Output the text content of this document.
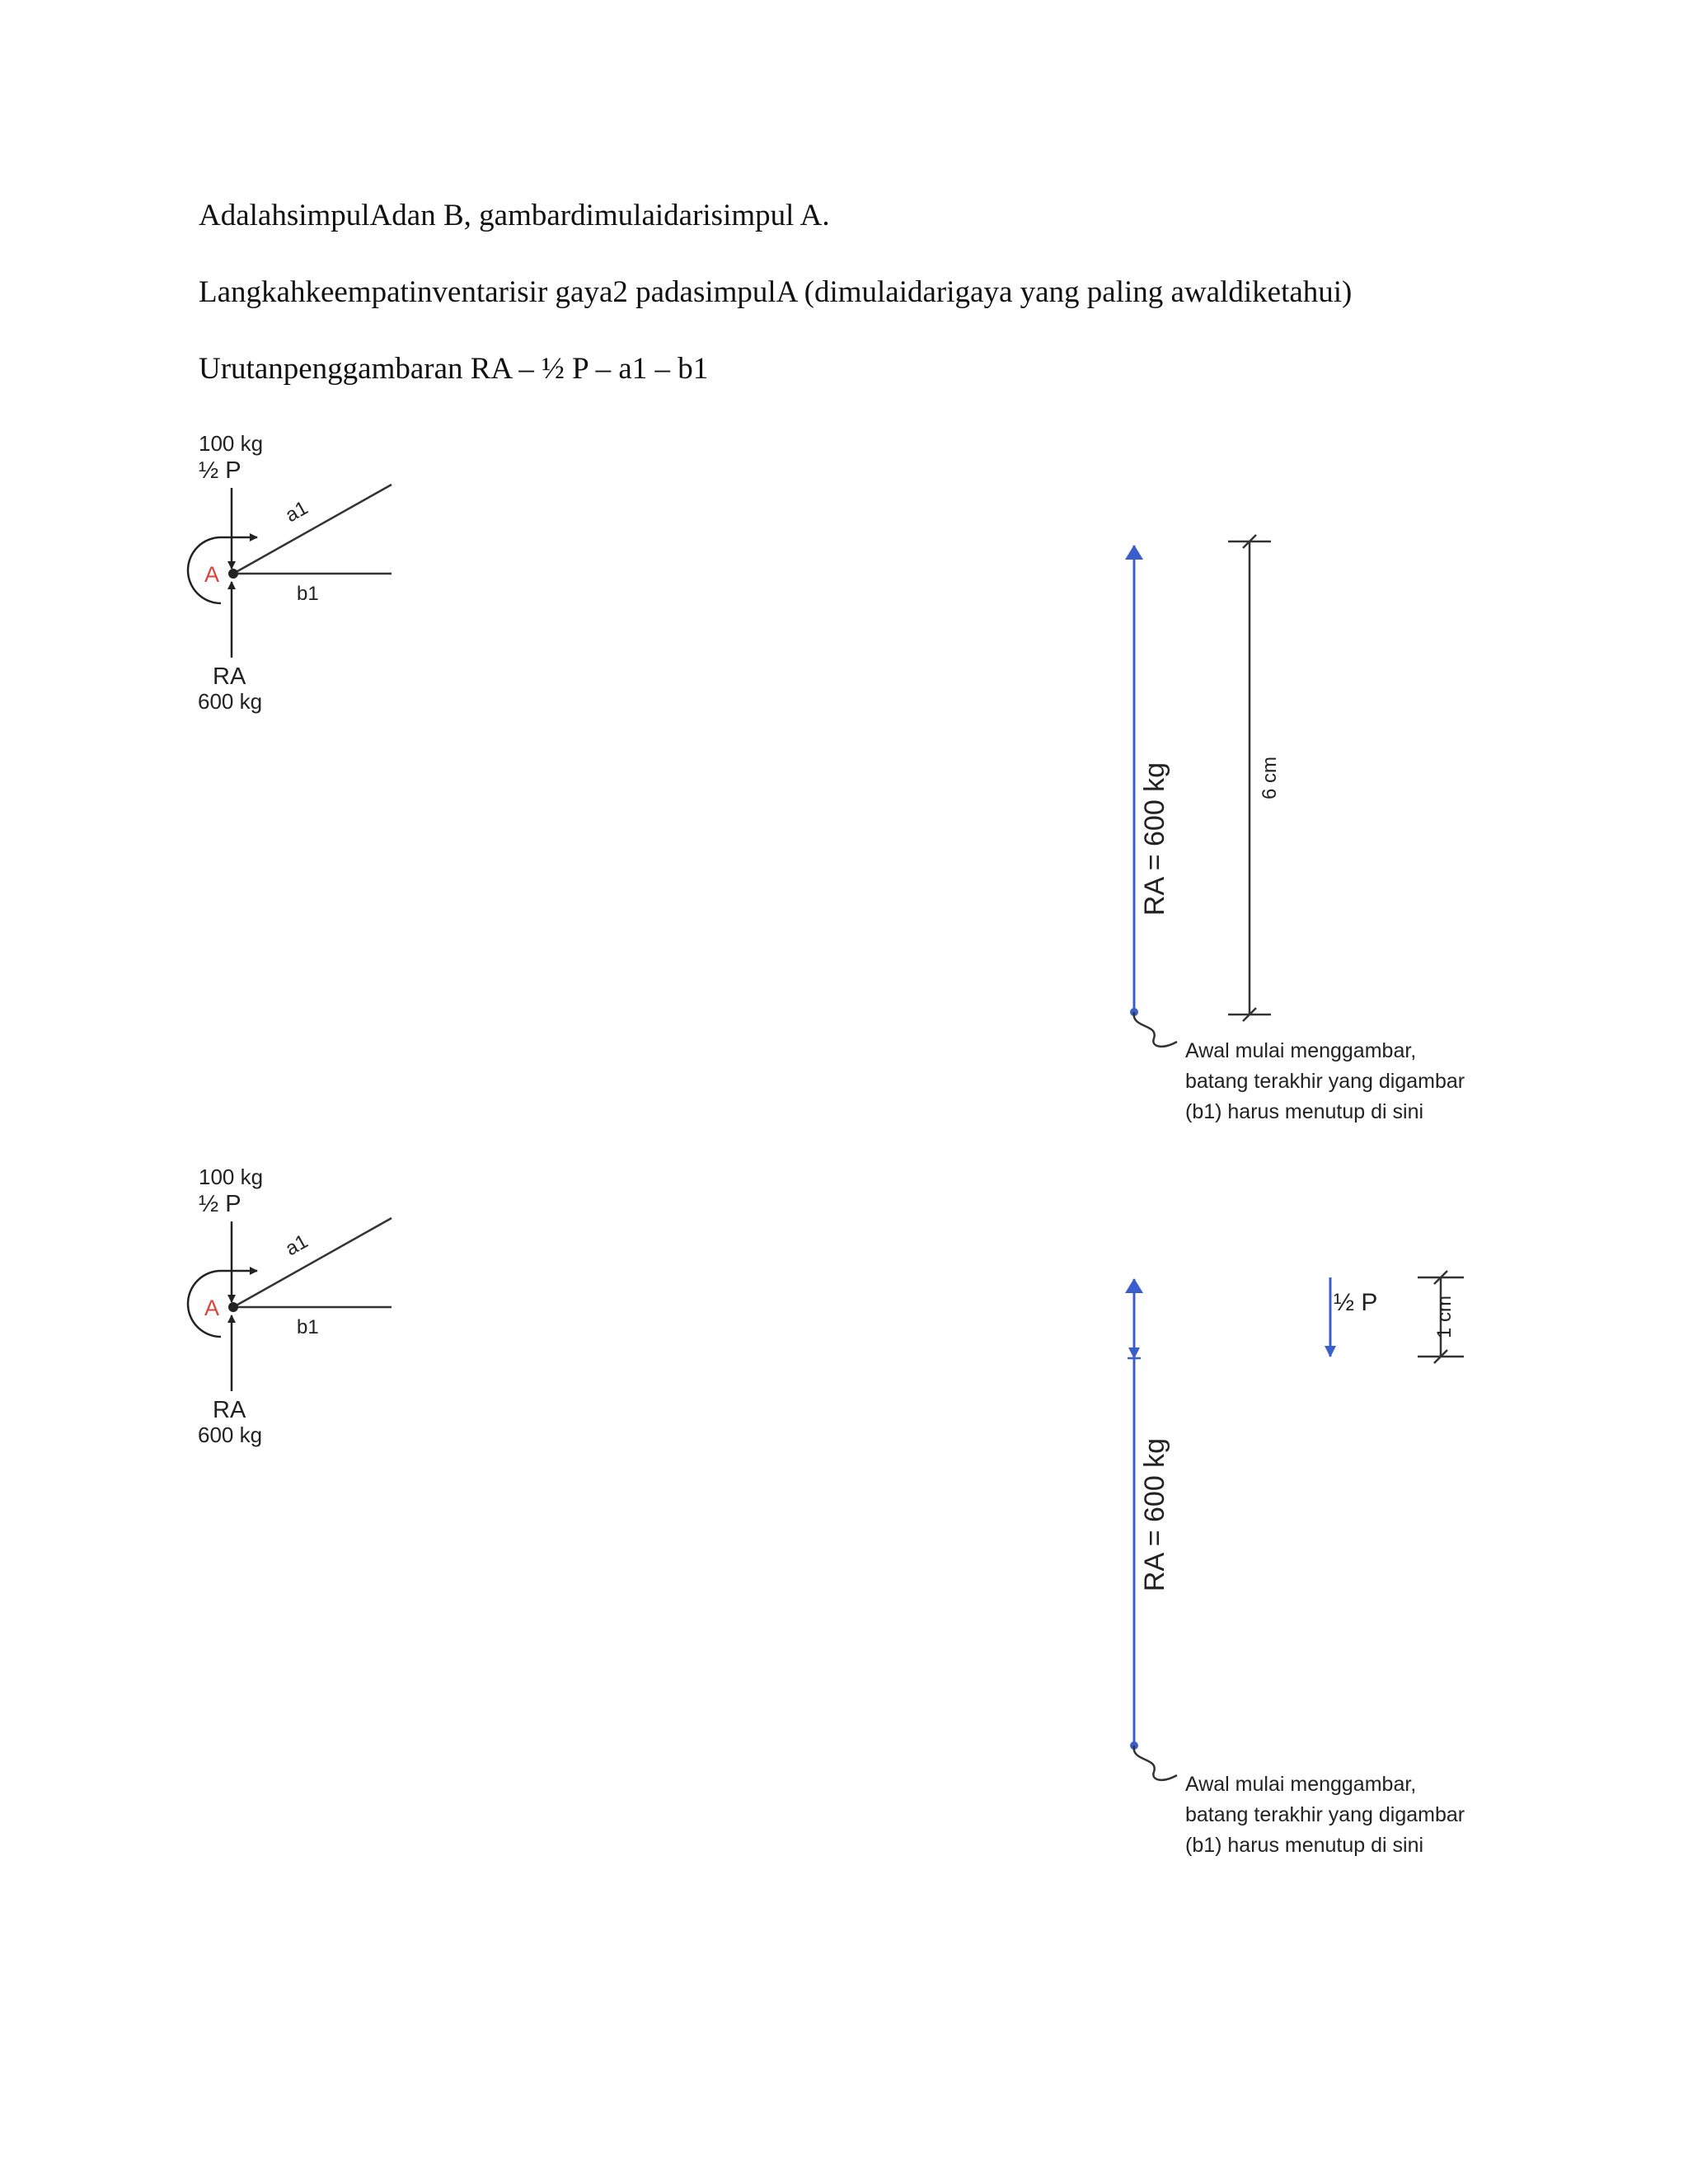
AdalahsimpulAdan B, gambardimulaidarisimpul A.

Langkahkeempatinventarisir gaya2 padasimpulA (dimulaidarigaya yang paling awaldiketahui)

Urutanpenggambaran RA – ½ P – a1 – b1

100 kg
½ P
a1
b1
A
RA
600 kg
RA = 600 kg	6 cm
Awal mulai menggambar,
batang terakhir yang digambar
(b1) harus menutup di sini
100 kg
½ P
a1
b1
A
RA
600 kg
RA = 600 kg
½ P	1 cm
Awal mulai menggambar,
batang terakhir yang digambar
(b1) harus menutup di sini
